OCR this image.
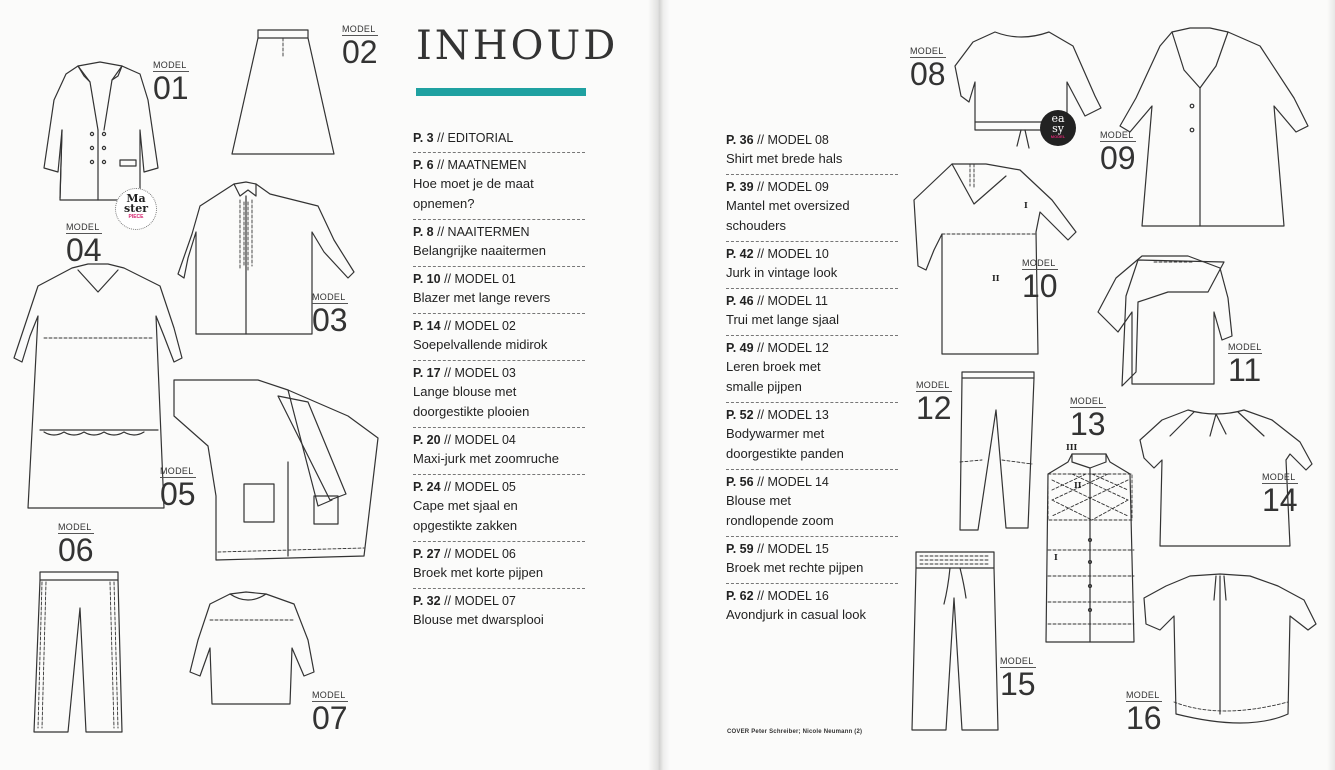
MODEL
01
Ma
ster
PIECE
MODEL
02
MODEL
03
MODEL
04
MODEL
05
MODEL
06
MODEL
07
INHOUD
P. 3 // EDITORIAL
P. 6 // MAATNEMEN
Hoe moet je de maat
opnemen?
P. 8 // NAAITERMEN
Belangrijke naaitermen
P. 10 // MODEL 01
Blazer met lange revers
P. 14 // MODEL 02
Soepelvallende midirok
P. 17 // MODEL 03
Lange blouse met
doorgestikte plooien
P. 20 // MODEL 04
Maxi-jurk met zoomruche
P. 24 // MODEL 05
Cape met sjaal en
opgestikte zakken
P. 27 // MODEL 06
Broek met korte pijpen
P. 32 // MODEL 07
Blouse met dwarsplooi
P. 36 // MODEL 08
Shirt met brede hals
P. 39 // MODEL 09
Mantel met oversized
schouders
P. 42 // MODEL 10
Jurk in vintage look
P. 46 // MODEL 11
Trui met lange sjaal
P. 49 // MODEL 12
Leren broek met
smalle pijpen
P. 52 // MODEL 13
Bodywarmer met
doorgestikte panden
P. 56 // MODEL 14
Blouse met
rondlopende zoom
P. 59 // MODEL 15
Broek met rechte pijpen
P. 62 // MODEL 16
Avondjurk in casual look
COVER Peter Schreiber; Nicole Neumann (2)
MODEL
08
ea
sy
MODEL	MODEL
09
I
II
MODEL
10
MODEL
11
MODEL
12	MODEL
13
III
II
I
MODEL
14
MODEL
15	MODEL
16
